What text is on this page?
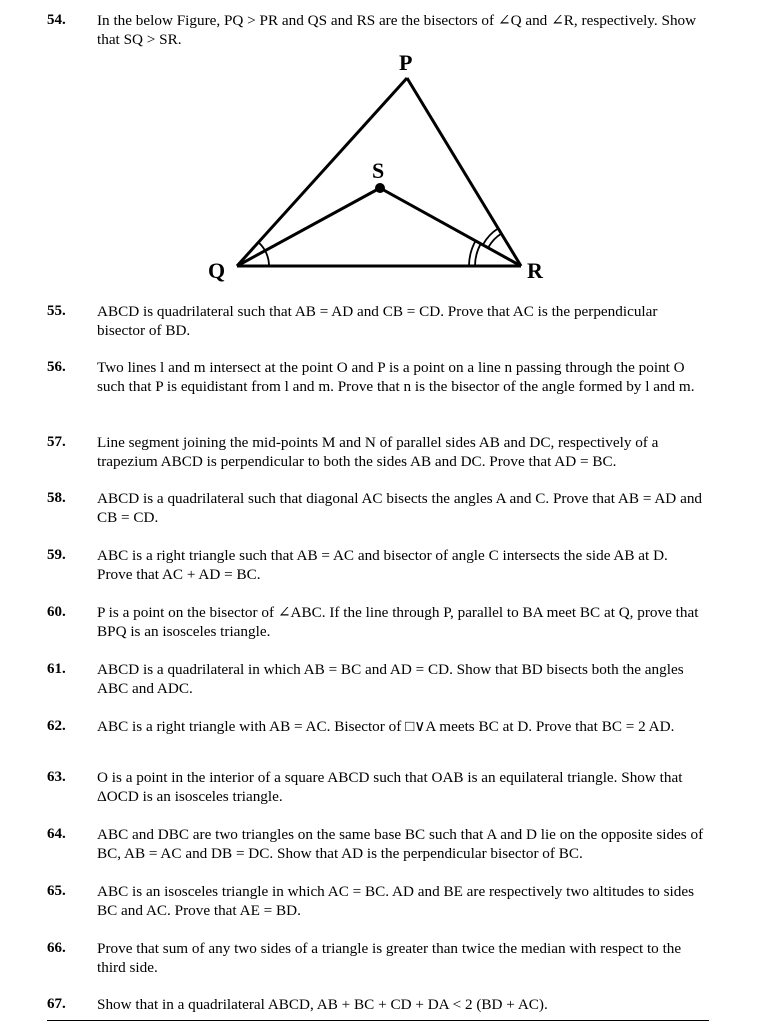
54. In the below Figure, PQ > PR and QS and RS are the bisectors of ∠Q and ∠R, respectively. Show that SQ > SR.
P
Q	R
S
55. ABCD is quadrilateral such that AB = AD and CB = CD. Prove that AC is the perpendicular bisector of BD.
56. Two lines l and m intersect at the point O and P is a point on a line n passing through the point O such that P is equidistant from l and m. Prove that n is the bisector of the angle formed by l and m.
57. Line segment joining the mid-points M and N of parallel sides AB and DC, respectively of a trapezium ABCD is perpendicular to both the sides AB and DC. Prove that AD = BC.
58. ABCD is a quadrilateral such that diagonal AC bisects the angles A and C. Prove that AB = AD and CB = CD.
59. ABC is a right triangle such that AB = AC and bisector of angle C intersects the side AB at D. Prove that AC + AD = BC.
60. P is a point on the bisector of ∠ABC. If the line through P, parallel to BA meet BC at Q, prove that BPQ is an isosceles triangle.
61. ABCD is a quadrilateral in which AB = BC and AD = CD. Show that BD bisects both the angles ABC and ADC.
62. ABC is a right triangle with AB = AC. Bisector of □∨A meets BC at D. Prove that BC = 2 AD.
63. O is a point in the interior of a square ABCD such that OAB is an equilateral triangle. Show that ΔOCD is an isosceles triangle.
64. ABC and DBC are two triangles on the same base BC such that A and D lie on the opposite sides of BC, AB = AC and DB = DC. Show that AD is the perpendicular bisector of BC.
65. ABC is an isosceles triangle in which AC = BC. AD and BE are respectively two altitudes to sides BC and AC. Prove that AE = BD.
66. Prove that sum of any two sides of a triangle is greater than twice the median with respect to the third side.
67. Show that in a quadrilateral ABCD, AB + BC + CD + DA < 2 (BD + AC).
